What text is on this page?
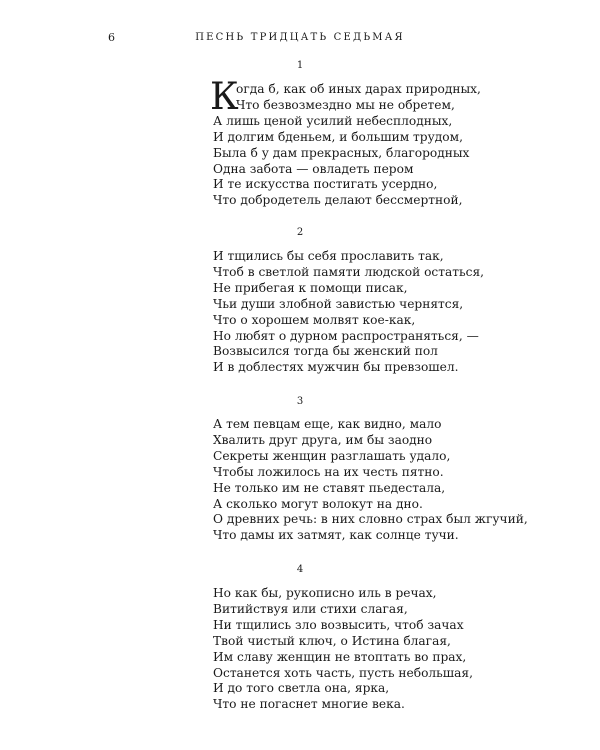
6	ПЕСНЬ ТРИДЦАТЬ СЕДЬМАЯ
1
К
огда б, как об иных дарах природных,
Что безвозмездно мы не обретем,
А лишь ценой усилий небесплодных,
И долгим бденьем, и большим трудом,
Была б у дам прекрасных, благородных
Одна забота — овладеть пером
И те искусства постигать усердно,
Что добродетель делают бессмертной,
2
И тщились бы себя прославить так,
Чтоб в светлой памяти людской остаться,
Не прибегая к помощи писак,
Чьи души злобной завистью чернятся,
Что о хорошем молвят кое-как,
Но любят о дурном распространяться, —
Возвысился тогда бы женский пол
И в доблестях мужчин бы превзошел.
3
А тем певцам еще, как видно, мало
Хвалить друг друга, им бы заодно
Секреты женщин разглашать удало,
Чтобы ложилось на их честь пятно.
Не только им не ставят пьедестала,
А сколько могут волокут на дно.
О древних речь: в них словно страх был жгучий,
Что дамы их затмят, как солнце тучи.
4
Но как бы, рукописно иль в речах,
Витийствуя или стихи слагая,
Ни тщились зло возвысить, чтоб зачах
Твой чистый ключ, о Истина благая,
Им славу женщин не втоптать во прах,
Останется хоть часть, пусть небольшая,
И до того светла она, ярка,
Что не погаснет многие века.
